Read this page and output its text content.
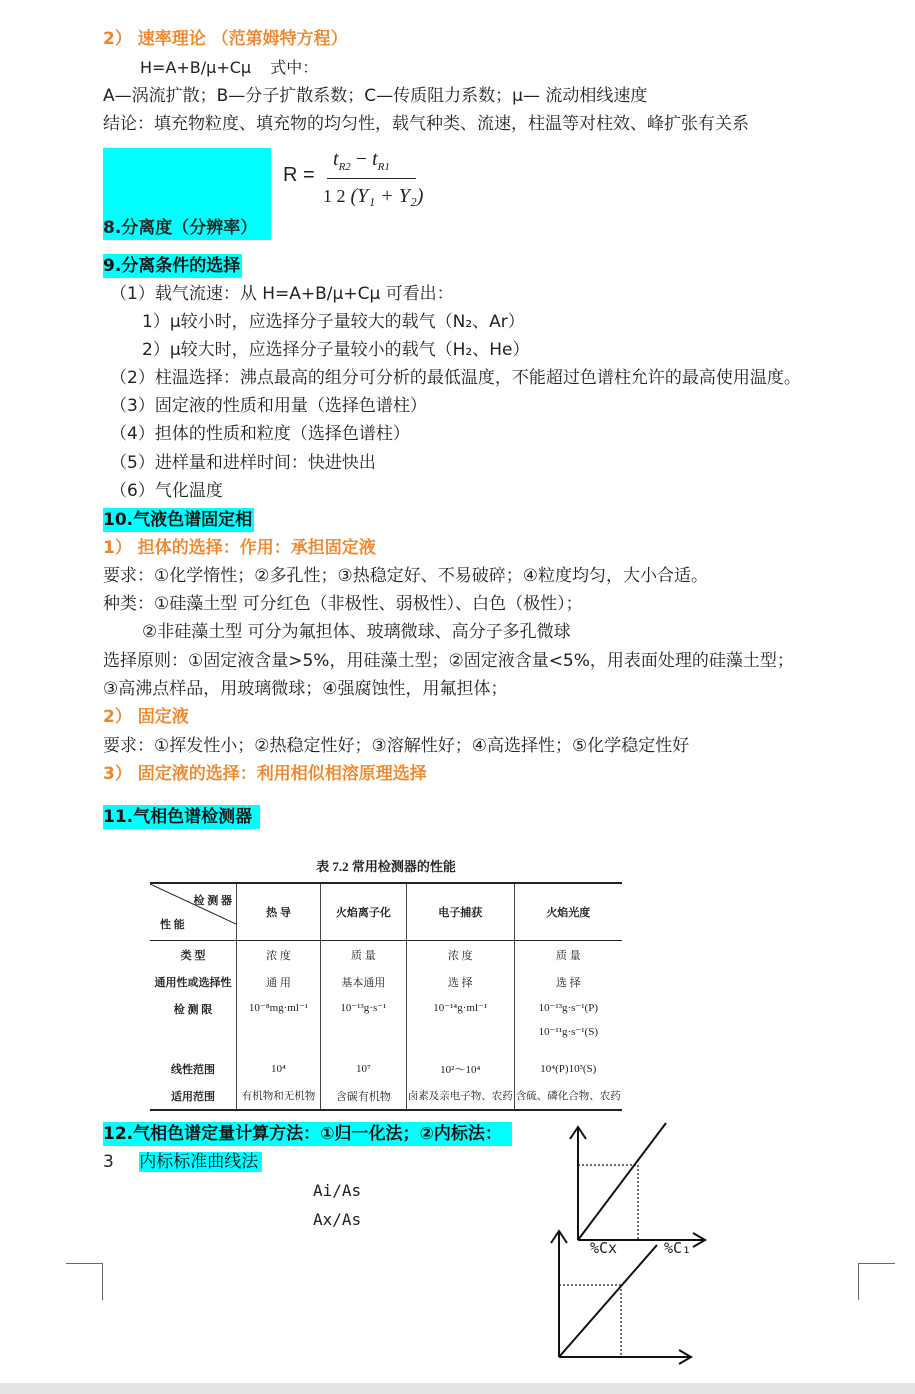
2） 速率理论 （范第姆特方程）
H=A+B/μ+Cμ 式中：
A—涡流扩散；B—分子扩散系数；C—传质阻力系数；μ— 流动相线速度
结论：填充物粒度、填充物的均匀性，载气种类、流速，柱温等对柱效、峰扩张有关系
8.分离度（分辨率）
R =
$t_{R2} - t_{R1}$
1 2 (Y₁ + Y₂)
9.分离条件的选择
（1）载气流速：从 H=A+B/μ+Cμ 可看出：
1）μ较小时，应选择分子量较大的载气（N₂、Ar）
2）μ较大时，应选择分子量较小的载气（H₂、He）
（2）柱温选择：沸点最高的组分可分析的最低温度，不能超过色谱柱允许的最高使用温度。
（3）固定液的性质和用量（选择色谱柱）
（4）担体的性质和粒度（选择色谱柱）
（5）进样量和进样时间：快进快出
（6）气化温度
10.气液色谱固定相
1） 担体的选择：作用：承担固定液
要求：①化学惰性；②多孔性；③热稳定好、不易破碎；④粒度均匀，大小合适。
种类：①硅藻土型 可分红色（非极性、弱极性）、白色（极性）；
②非硅藻土型 可分为氟担体、玻璃微球、高分子多孔微球
选择原则：①固定液含量>5%，用硅藻土型；②固定液含量<5%，用表面处理的硅藻土型；
③高沸点样品，用玻璃微球；④强腐蚀性，用氟担体；
2） 固定液
要求：①挥发性小；②热稳定性好；③溶解性好；④高选择性；⑤化学稳定性好
3） 固定液的选择：利用相似相溶原理选择
11.气相色谱检测器
表 7.2 常用检测器的性能
检 测 器
性 能	热 导	火焰离子化	电子捕获	火焰光度
类 型	浓 度	质 量	浓 度	质 量
通用性或选择性	通 用	基本通用	选 择	选 择
检 测 限	10⁻⁸mg·ml⁻¹	10⁻¹³g·s⁻¹	10⁻¹⁴g·ml⁻¹	10⁻¹³g·s⁻¹(P)
10⁻¹¹g·s⁻¹(S)

线性范围	10⁴	10⁷	10²～10⁴	10⁴(P)10³(S)
适用范围	有机物和无机物	含碳有机物	卤素及亲电子物、农药	含硫、磷化合物、农药
12.气相色谱定量计算方法：①归一化法；②内标法：
3 内标标准曲线法
Ai/As
Ax/As
%Cx	%C₁
